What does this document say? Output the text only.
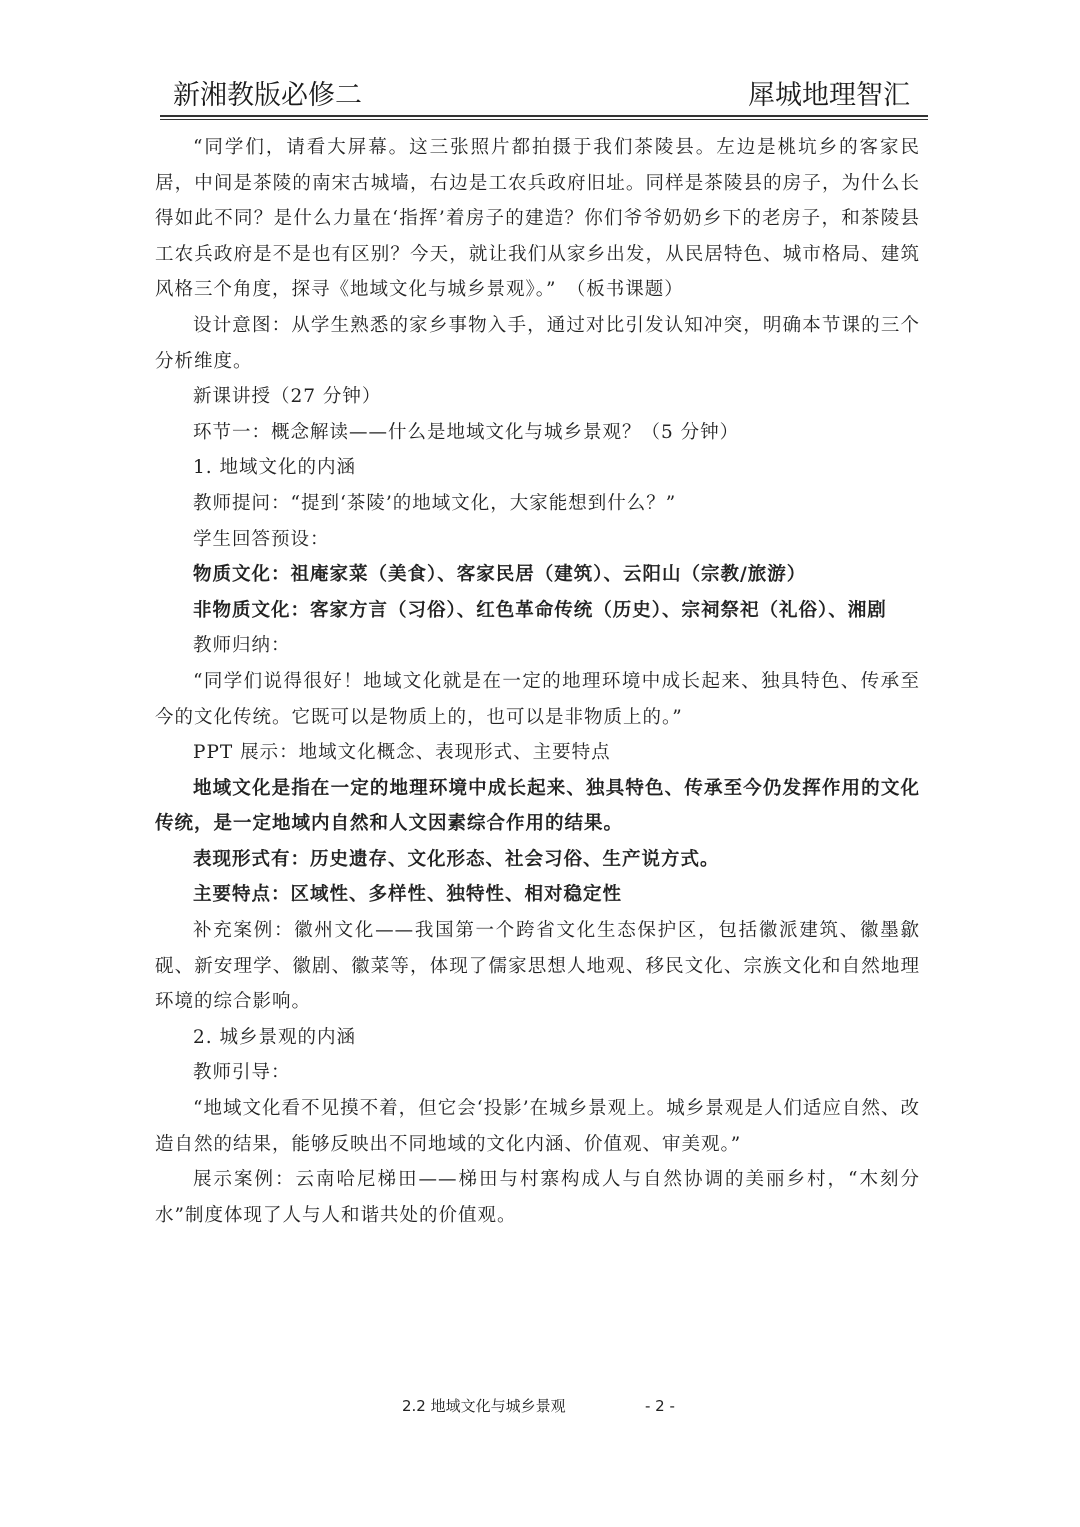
新湘教版必修二	犀城地理智汇

“同学们，请看大屏幕。这三张照片都拍摄于我们茶陵县。左边是桃坑乡的客家民居，中间是茶陵的南宋古城墙，右边是工农兵政府旧址。同样是茶陵县的房子，为什么长得如此不同？是什么力量在‘指挥’着房子的建造？你们爷爷奶奶乡下的老房子，和茶陵县工农兵政府是不是也有区别？今天，就让我们从家乡出发，从民居特色、城市格局、建筑风格三个角度，探寻《地域文化与城乡景观》。”　（板书课题）

设计意图：从学生熟悉的家乡事物入手，通过对比引发认知冲突，明确本节课的三个分析维度。

新课讲授（27 分钟）

环节一：概念解读——什么是地域文化与城乡景观？（5 分钟）

1. 地域文化的内涵

教师提问：“提到‘茶陵’的地域文化，大家能想到什么？”

学生回答预设：

物质文化：祖庵家菜（美食）、客家民居（建筑）、云阳山（宗教/旅游）

非物质文化：客家方言（习俗）、红色革命传统（历史）、宗祠祭祀（礼俗）、湘剧

教师归纳：

“同学们说得很好！地域文化就是在一定的地理环境中成长起来、独具特色、传承至今的文化传统。它既可以是物质上的，也可以是非物质上的。”

PPT 展示：地域文化概念、表现形式、主要特点

地域文化是指在一定的地理环境中成长起来、独具特色、传承至今仍发挥作用的文化传统，是一定地域内自然和人文因素综合作用的结果。

表现形式有：历史遗存、文化形态、社会习俗、生产说方式。

主要特点：区域性、多样性、独特性、相对稳定性

补充案例：徽州文化——我国第一个跨省文化生态保护区，包括徽派建筑、徽墨歙砚、新安理学、徽剧、徽菜等，体现了儒家思想人地观、移民文化、宗族文化和自然地理环境的综合影响。

2. 城乡景观的内涵

教师引导：

“地域文化看不见摸不着，但它会‘投影’在城乡景观上。城乡景观是人们适应自然、改造自然的结果，能够反映出不同地域的文化内涵、价值观、审美观。”

展示案例：云南哈尼梯田——梯田与村寨构成人与自然协调的美丽乡村，“木刻分水”制度体现了人与人和谐共处的价值观。

2.2 地域文化与城乡景观	- 2 -
